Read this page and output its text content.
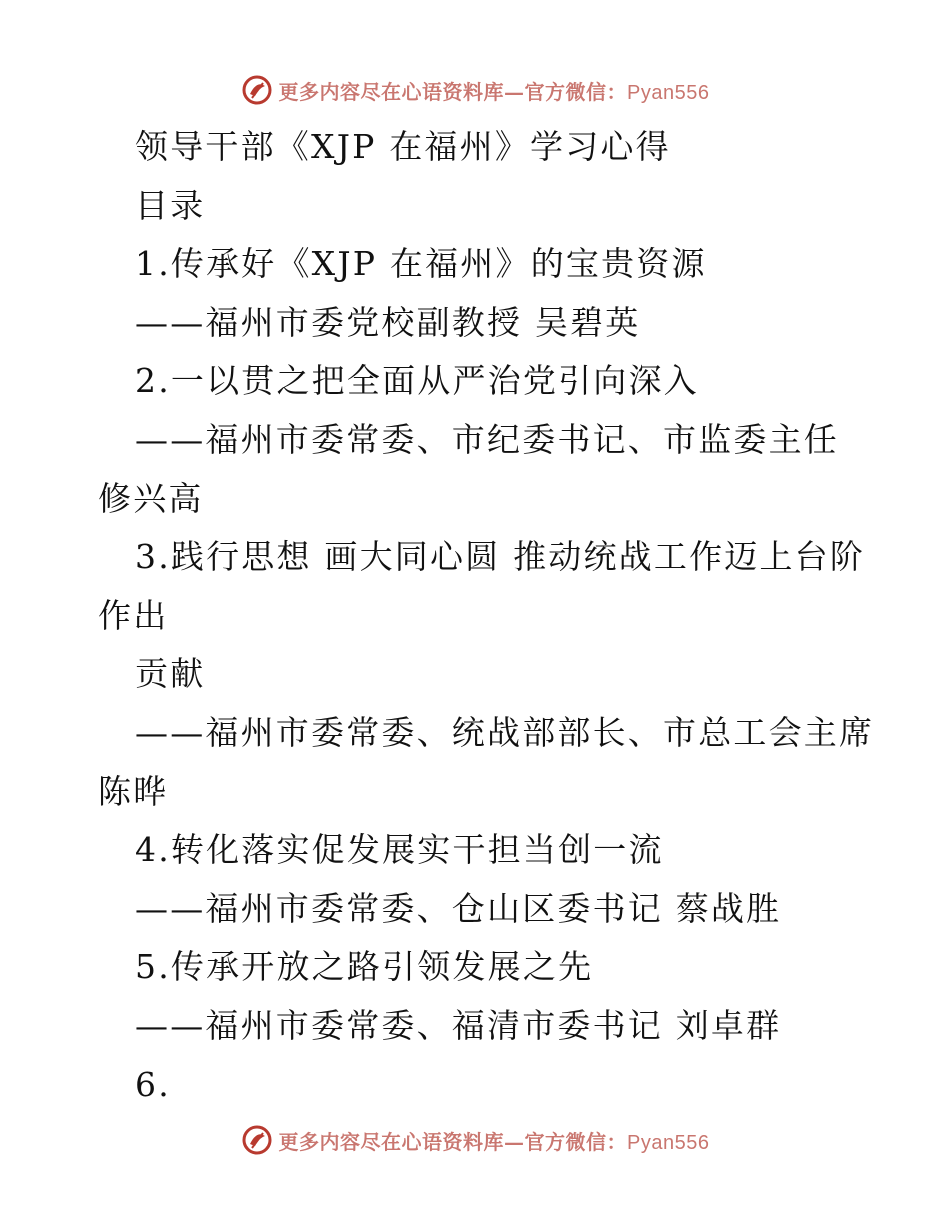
更多内容尽在心语资料库—官方微信：Pyan556
领导干部《XJP 在福州》学习心得
目录
1.传承好《XJP 在福州》的宝贵资源
——福州市委党校副教授 吴碧英
2.一以贯之把全面从严治党引向深入
——福州市委常委、市纪委书记、市监委主任
修兴高
3.践行思想 画大同心圆 推动统战工作迈上台阶
作出
贡献
——福州市委常委、统战部部长、市总工会主席
陈晔
4.转化落实促发展实干担当创一流
——福州市委常委、仓山区委书记 蔡战胜
5.传承开放之路引领发展之先
——福州市委常委、福清市委书记 刘卓群
6.
更多内容尽在心语资料库—官方微信：Pyan556
